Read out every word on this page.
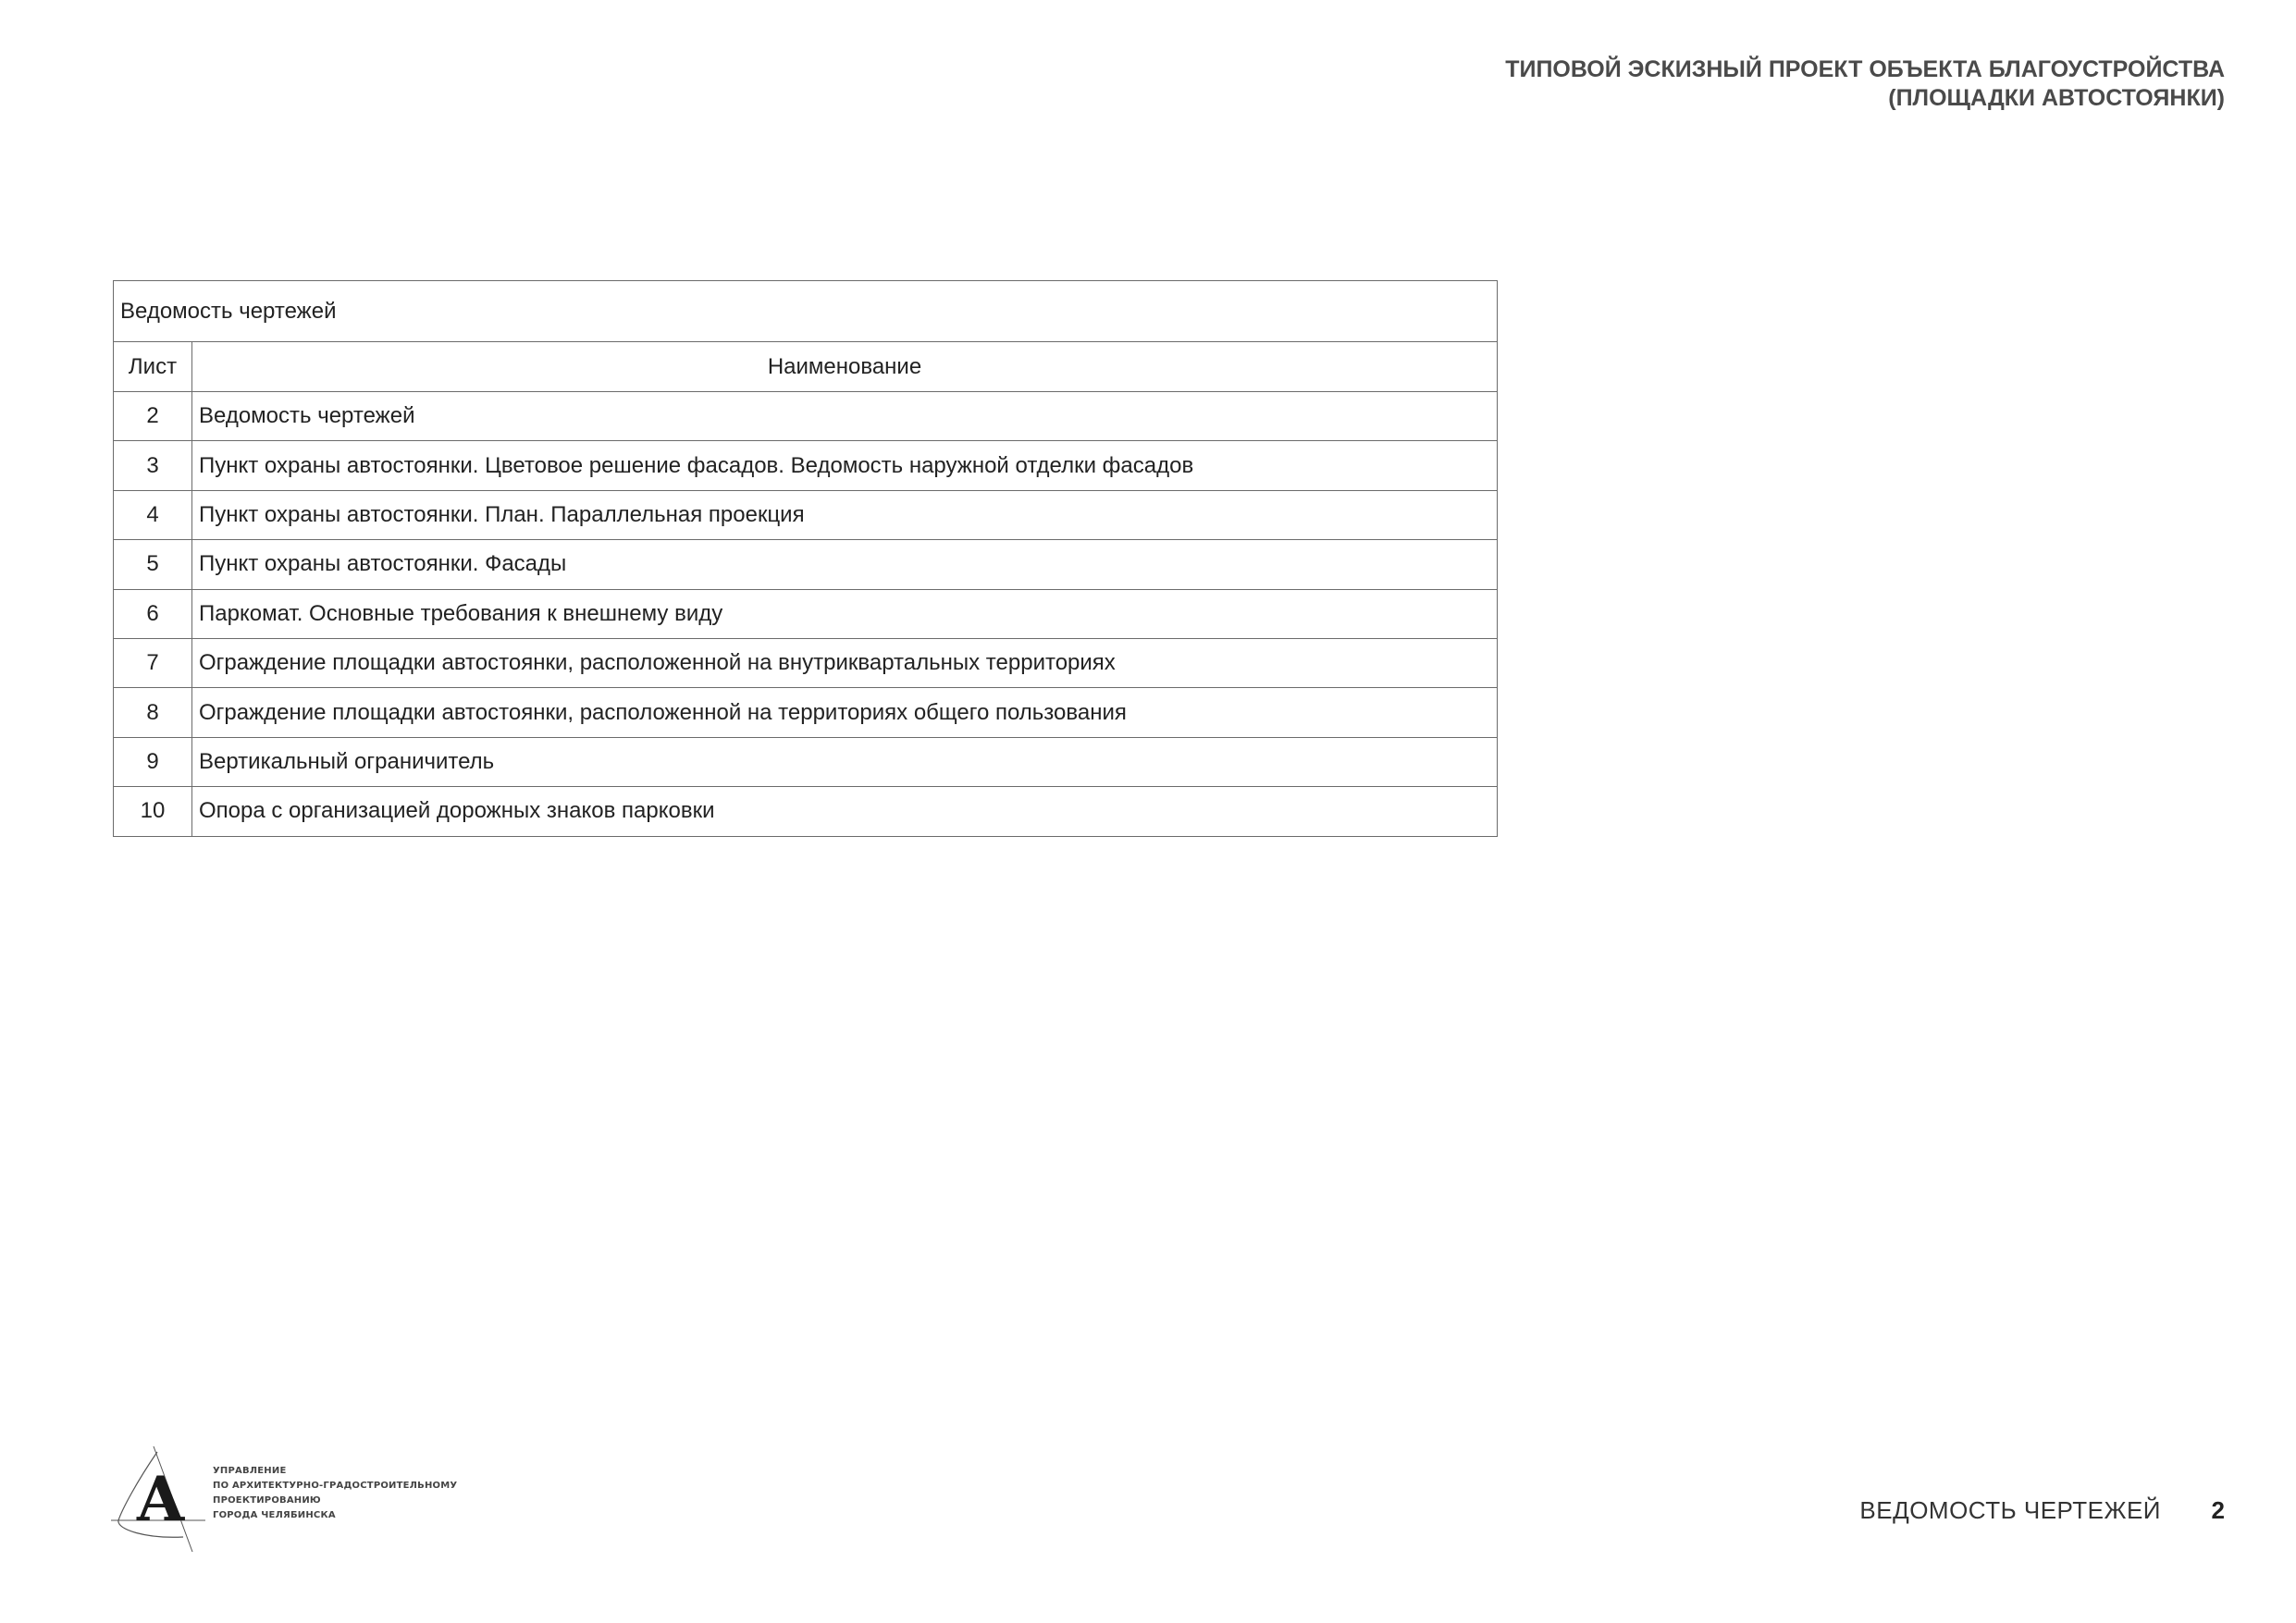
ТИПОВОЙ ЭСКИЗНЫЙ ПРОЕКТ ОБЪЕКТА БЛАГОУСТРОЙСТВА
(ПЛОЩАДКИ АВТОСТОЯНКИ)
Ведомость чертежей	
Лист	Наименование
2	Ведомость чертежей
3	Пункт охраны автостоянки. Цветовое решение фасадов. Ведомость наружной отделки фасадов
4	Пункт охраны автостоянки. План. Параллельная проекция
5	Пункт охраны автостоянки. Фасады
6	Паркомат. Основные требования к внешнему виду
7	Ограждение площадки автостоянки, расположенной на внутриквартальных территориях
8	Ограждение площадки автостоянки, расположенной на территориях общего пользования
9	Вертикальный ограничитель
10	Опора с организацией дорожных знаков парковки
A	УПРАВЛЕНИЕ
ПО АРХИТЕКТУРНО-ГРАДОСТРОИТЕЛЬНОМУ
ПРОЕКТИРОВАНИЮ
ГОРОДА ЧЕЛЯБИНСКА	ВЕДОМОСТЬ ЧЕРТЕЖЕЙ 2
